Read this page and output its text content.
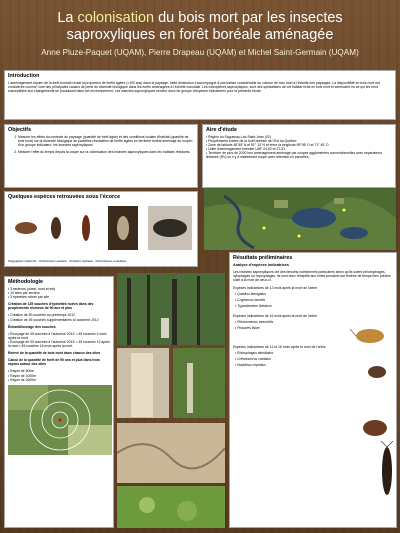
La colonisation du bois mort par les insectes saproxyliques en forêt boréale aménagée
Anne Pluze-Paquet (UQAM), Pierre Drapeau (UQAM) et Michel Saint-Germain (UQAM)
Introduction

L'aménagement équien de la forêt boréale réduit la proportion de forêts âgées (>100 ans) dans le paysage; cette diminution s'accompagne d'une baisse considérable du volume de bois mort à l'échelle des paysages. La disponibilité en bois mort est considérée comme l'une des principales causes de perte de diversité biologique dans les forêts aménagées à l'échelle mondiale. Les coléoptères saproxyliques, sont des spécialistes de cet habitat riche en bois mort et sénescent en ce qui les rend susceptibles aux changements se produisant dans cet environnement. Les insectes saproxyliques servent donc de groupe d'espèces indicatrices pour la présente étude.

Objectifs
1. Mesurer les effets du contexte du paysage (quantité de forêt âgée) et des conditions locales d'habitat (quantité de bois mort) sur la diversité biologique de parcelles résiduelles de forêts âgées en territoire boréal aménagé au moyen d'un groupe indicateur: les insectes saproxyliques
2. Mesurer l'effet du temps depuis la coupe sur la colonisation des insectes saproxyliques dans les habitats résiduels.
Aire d'étude
• Région du Saguenay-Lac-Saint-Jean (02)
• Peuplements mixtes de la forêt boréale de l'Est du Québec
• Zone de latitude 48°45' N et 51° 13' N et entre la longitude 69°06' O et 71° 45' O
• Unité d'aménagement forestier UAF 24-52 et 27-51
• Territoire de plus de 2000 km² aménagement aménagé par coupes agglomérées conventionnelles avec séparateurs linéaires (RV) ou il y a maintenant coupe avec rétention en parcelles.
Quelques espèces retrouvées sous l'écorce
Polygraphus rufipennis · Orthotomicus caelatus · Nudobius cephalus · Monochamus scutellatus
Méthodologie
• 3 secteurs (ouest, nord et est)
• 10 sites par secteur
• 3 épinettes noires par site
Création de 135 souches d'épinettes noires dans des peuplements résineux de 90 ans et plus
• Création de 90 souches au printemps 2012
• Création de 45 souches supplémentaires à l'automne 2012
Échantillonnage des souches
• Écorçage de 45 souches à l'automne 2012: • 45 souches 4 mois après la mort
• Écorçage de 90 souches à l'automne 2013: • 45 souches 12 après la mort • 45 souches 16 mois après la mort
Relevé de la quantité de bois mort dans chacun des sites
Calcul de la quantité de forêt de 90 ans et plus dans trois rayons autour des sites
• Rayon de 500m
• Rayon de 1000m
• Rayon de 2000m
Résultats préliminaires
Analyse d'espèces indicatrices

Les insectes saproxyliques ont des besoins nutritionnels particuliers selon qu'ils soient phloeophages, xylophages ou mycophages. Ils sont donc réceptifs aux hôtes pendant une fenêtre de temps bien précise suite à la mort de ceux-ci.

Espèces indicatrices de 12 mois après la mort de l'arbre
• Quedius laevigatus
• Cryptarcus lamelis
• Trypodendron lineatum
Espèces indicatrices de 16 mois après la mort de l'arbre
• Phloeonomus bescicillis
• Pissodes fiskei
Espèces indicatrices de 12 et 16 mois après la mort de l'arbre
• Rhizophagus dimidiatus
• Orthotomicus caelatus
• Nudobius cephalus
